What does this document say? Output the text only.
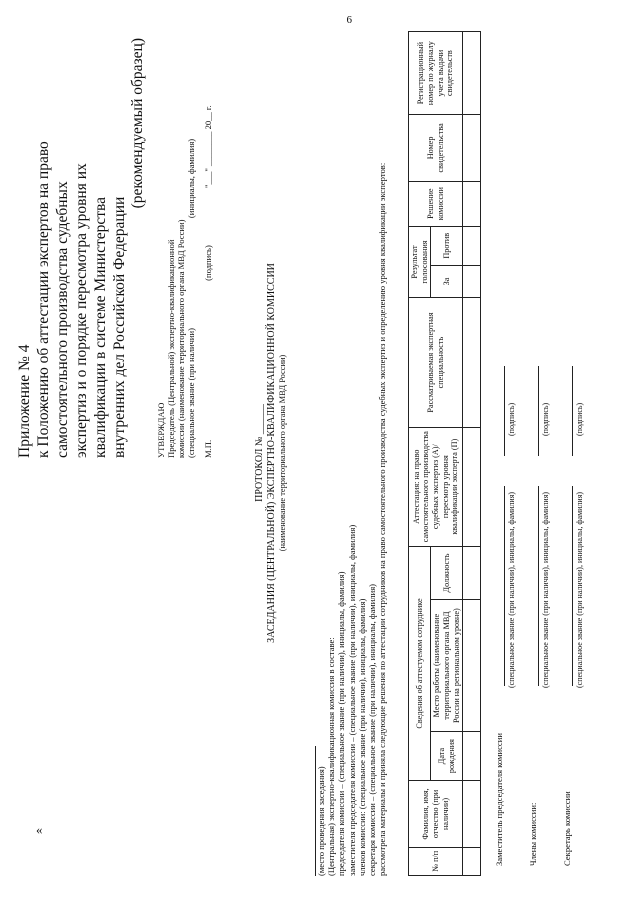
6
«
Приложение № 4 к Положению об аттестации экспертов на право самостоятельного производства судебных экспертиз и о порядке пересмотра уровня их квалификации в системе Министерства внутренних дел Российской Федерации
(рекомендуемый образец)
УТВЕРЖДАЮ Председатель (Центральной) экспертно-квалификационной комиссии (наименование территориального органа МВД России) (специальное звание (при наличии)
(инициалы, фамилия)
М.П.
(подпись)
"___" ________ 20__ г.
ПРОТОКОЛ № ______ ЗАСЕДАНИЯ (ЦЕНТРАЛЬНОЙ) ЭКСПЕРТНО-КВАЛИФИКАЦИОННОЙ КОМИССИИ (наименование территориального органа МВД России)
(место проведения заседания) (Центральная) экспертно-квалификационная комиссия в составе: председателя комиссии – (специальное звание (при наличии), инициалы, фамилия) заместителя председателя комиссии – (специальное звание (при наличии), инициалы, фамилия) членов комиссии: (специальное звание (при наличии), инициалы, фамилия) секретаря комиссии – (специальное звание (при наличии), инициалы, фамилия) рассмотрела материалы и приняла следующие решения по аттестации сотрудников на право самостоятельного производства судебных экспертиз и определению уровня квалификации экспертов:	№ п/п	Фамилия, имя, отчество (при наличии)	Сведения об аттестуемом сотруднике			Аттестация: на право самостоятельного производства судебных экспертиз (А)/ пересмотр уровня квалификации эксперта (П)	Рассматриваемая экспертная специальность	Результат голосования		Решение комиссии	Номер свидетельства	Регистрационный номер по журналу учета выдачи свидетельств
		Дата рождения	Место работы (наименование территориального органа МВД России на региональном уровне)	Должность			За	Против			

Заместитель председателя комиссии
(специальное звание (при наличии), инициалы, фамилия)
(подпись)
Члены комиссии:
(специальное звание (при наличии), инициалы, фамилия)
(подпись)
Секретарь комиссии
(специальное звание (при наличии), инициалы, фамилия)
(подпись)
